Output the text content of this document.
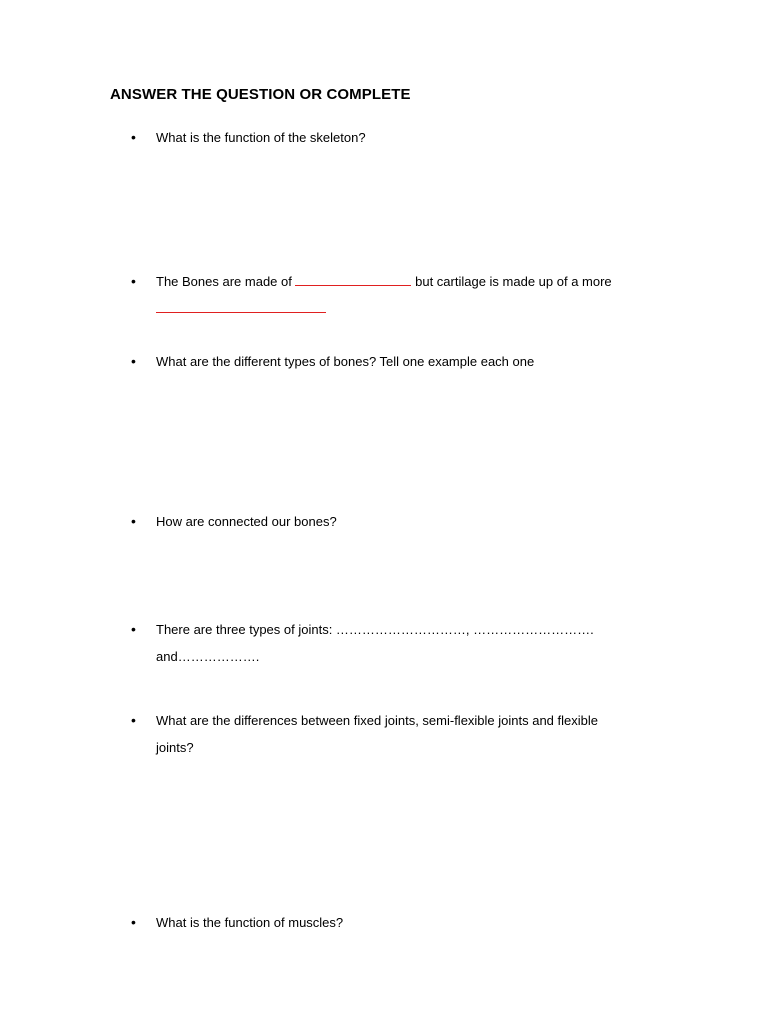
ANSWER THE QUESTION OR COMPLETE
• What is the function of the skeleton?
• The Bones are made of	but cartilage is made up of a more

• What are the different types of bones? Tell one example each one
• How are connected our bones?
• There are three types of joints: …………………………, ……………………….
and……………….
• What are the differences between fixed joints, semi-flexible joints and flexible
joints?
• What is the function of muscles?
